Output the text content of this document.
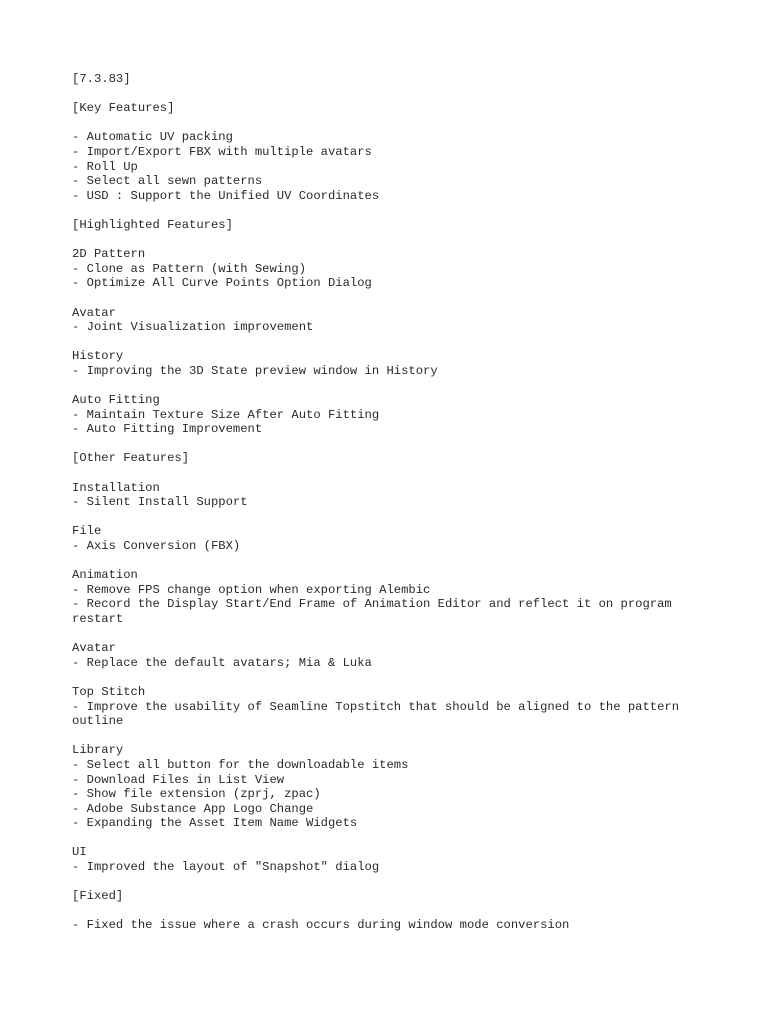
[7.3.83]
[Key Features]
- Automatic UV packing
- Import/Export FBX with multiple avatars
- Roll Up
- Select all sewn patterns
- USD : Support the Unified UV Coordinates
[Highlighted Features]
2D Pattern
- Clone as Pattern (with Sewing)
- Optimize All Curve Points Option Dialog
Avatar
- Joint Visualization improvement
History
- Improving the 3D State preview window in History
Auto Fitting
- Maintain Texture Size After Auto Fitting
- Auto Fitting Improvement
[Other Features]
Installation
- Silent Install Support
File
- Axis Conversion (FBX)
Animation
- Remove FPS change option when exporting Alembic
- Record the Display Start/End Frame of Animation Editor and reflect it on program restart
Avatar
- Replace the default avatars; Mia & Luka
Top Stitch
- Improve the usability of Seamline Topstitch that should be aligned to the pattern outline
Library
- Select all button for the downloadable items
- Download Files in List View
- Show file extension (zprj, zpac)
- Adobe Substance App Logo Change
- Expanding the Asset Item Name Widgets
UI
- Improved the layout of "Snapshot" dialog
[Fixed]
- Fixed the issue where a crash occurs during window mode conversion
